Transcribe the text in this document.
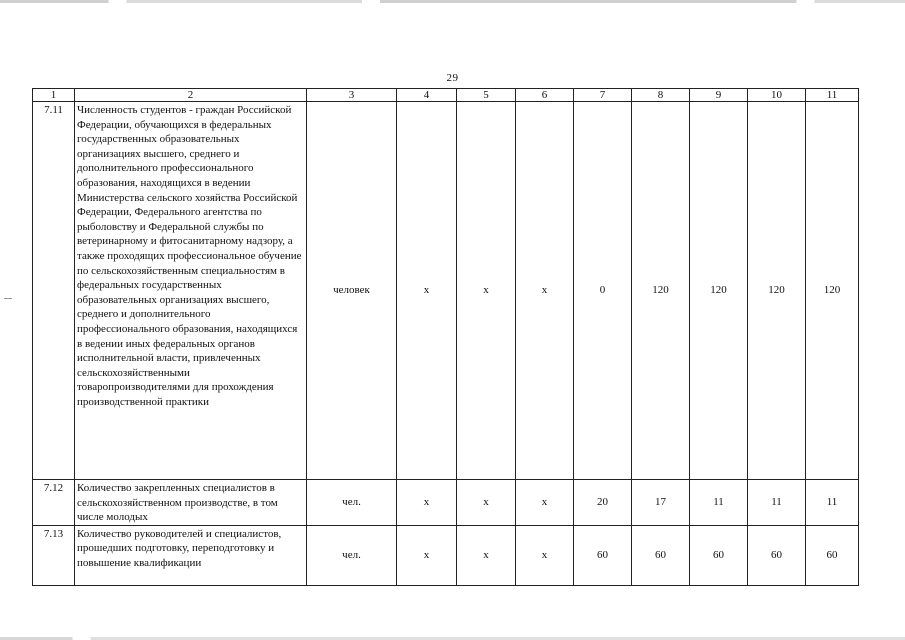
29
1	2	3	4	5	6	7	8	9	10	11
7.11	Численность студентов - граждан Российской Федерации, обучающихся в федеральных государственных образовательных организациях высшего, среднего и дополнительного профессионального образования, находящихся в ведении Министерства сельского хозяйства Российской Федерации, Федерального агентства по рыболовству и Федеральной службы по ветеринарному и фитосанитарному надзору, а также проходящих профессиональное обучение по сельскохозяйственным специальностям в федеральных государственных образовательных организациях высшего, среднего и дополнительного профессионального образования, находящихся в ведении иных федеральных органов исполнительной власти, привлеченных сельскохозяйственными товаропроизводителями для прохождения производственной практики	человек	х	х	х	0	120	120	120	120
7.12	Количество закрепленных специалистов в сельскохозяйственном производстве, в том числе молодых	чел.	х	х	х	20	17	11	11	11
7.13	Количество руководителей и специалистов, прошедших подготовку, переподготовку и повышение квалификации	чел.	х	х	х	60	60	60	60	60
